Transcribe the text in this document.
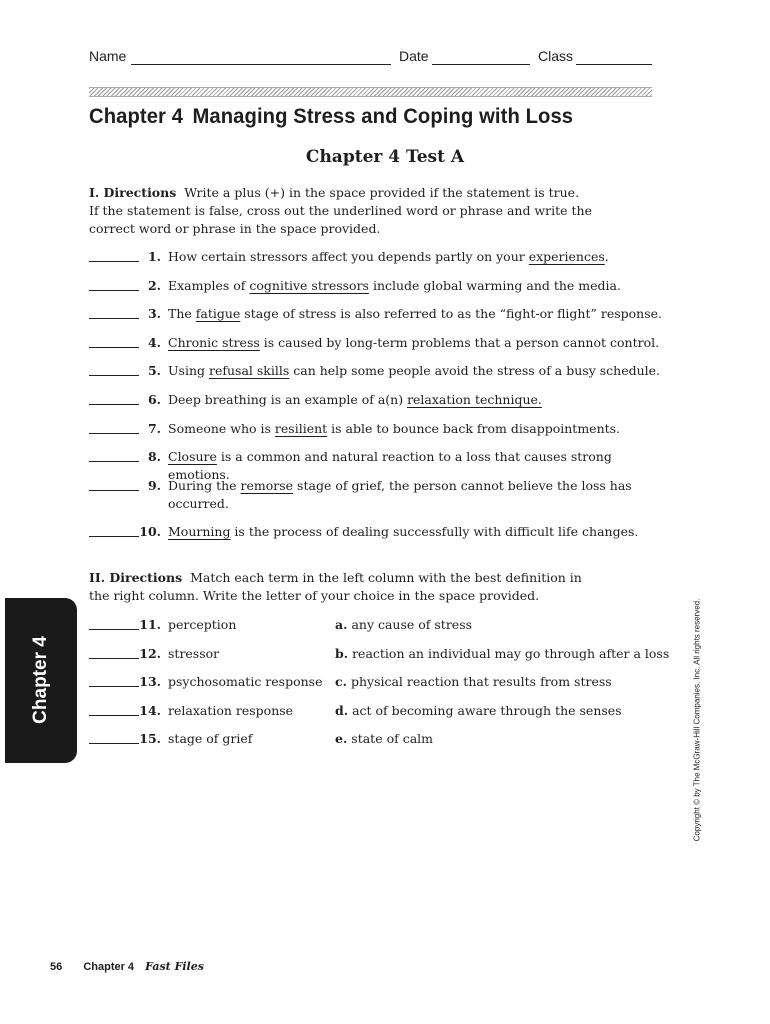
Name	Date	Class
Chapter 4 Managing Stress and Coping with Loss
Chapter 4 Test A
I. Directions Write a plus (+) in the space provided if the statement is true.
If the statement is false, cross out the underlined word or phrase and write the
correct word or phrase in the space provided.
1. How certain stressors affect you depends partly on your experiences.
2. Examples of cognitive stressors include global warming and the media.
3. The fatigue stage of stress is also referred to as the “fight-or flight” response.
4. Chronic stress is caused by long-term problems that a person cannot control.
5. Using refusal skills can help some people avoid the stress of a busy schedule.
6. Deep breathing is an example of a(n) relaxation technique.
7. Someone who is resilient is able to bounce back from disappointments.
8. Closure is a common and natural reaction to a loss that causes strong emotions.
9. During the remorse stage of grief, the person cannot believe the loss has
occurred.
10. Mourning is the process of dealing successfully with difficult life changes.
II. Directions Match each term in the left column with the best definition in
the right column. Write the letter of your choice in the space provided.
11. perception	a. any cause of stress
12. stressor	b. reaction an individual may go through after a loss
13. psychosomatic response c. physical reaction that results from stress
14. relaxation response	d. act of becoming aware through the senses
15. stage of grief	e. state of calm
Chapter 4	Copyright © by The McGraw-Hill Companies, Inc. All rights reserved.
56 Chapter 4 Fast Files
